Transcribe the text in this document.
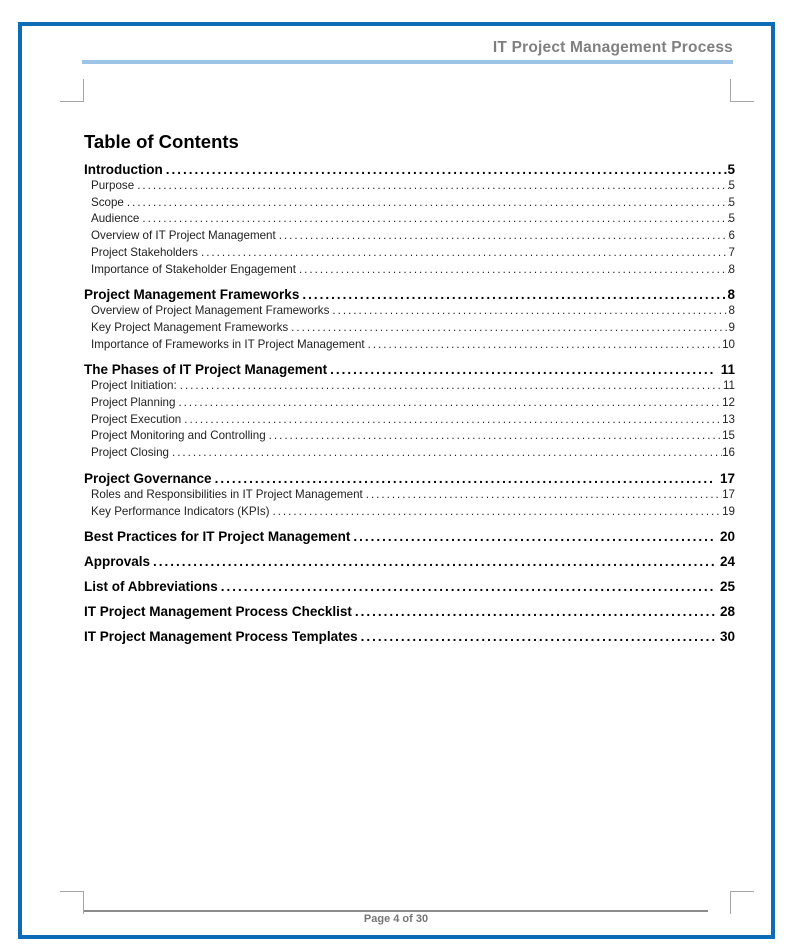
IT Project Management Process
Table of Contents
Introduction .....	5
Purpose .....	5
Scope .....	5
Audience .....	5
Overview of IT Project Management .....	6
Project Stakeholders .....	7
Importance of Stakeholder Engagement .....	8
Project Management Frameworks .....	8
Overview of Project Management Frameworks .....	8
Key Project Management Frameworks .....	9
Importance of Frameworks in IT Project Management .....	10
The Phases of IT Project Management .....	11
Project Initiation: .....	11
Project Planning .....	12
Project Execution .....	13
Project Monitoring and Controlling .....	15
Project Closing .....	16
Project Governance .....	17
Roles and Responsibilities in IT Project Management .....	17
Key Performance Indicators (KPIs) .....	19
Best Practices for IT Project Management .....	20
Approvals .....	24
List of Abbreviations .....	25
IT Project Management Process Checklist .....	28
IT Project Management Process Templates .....	30
Page 4 of 30
